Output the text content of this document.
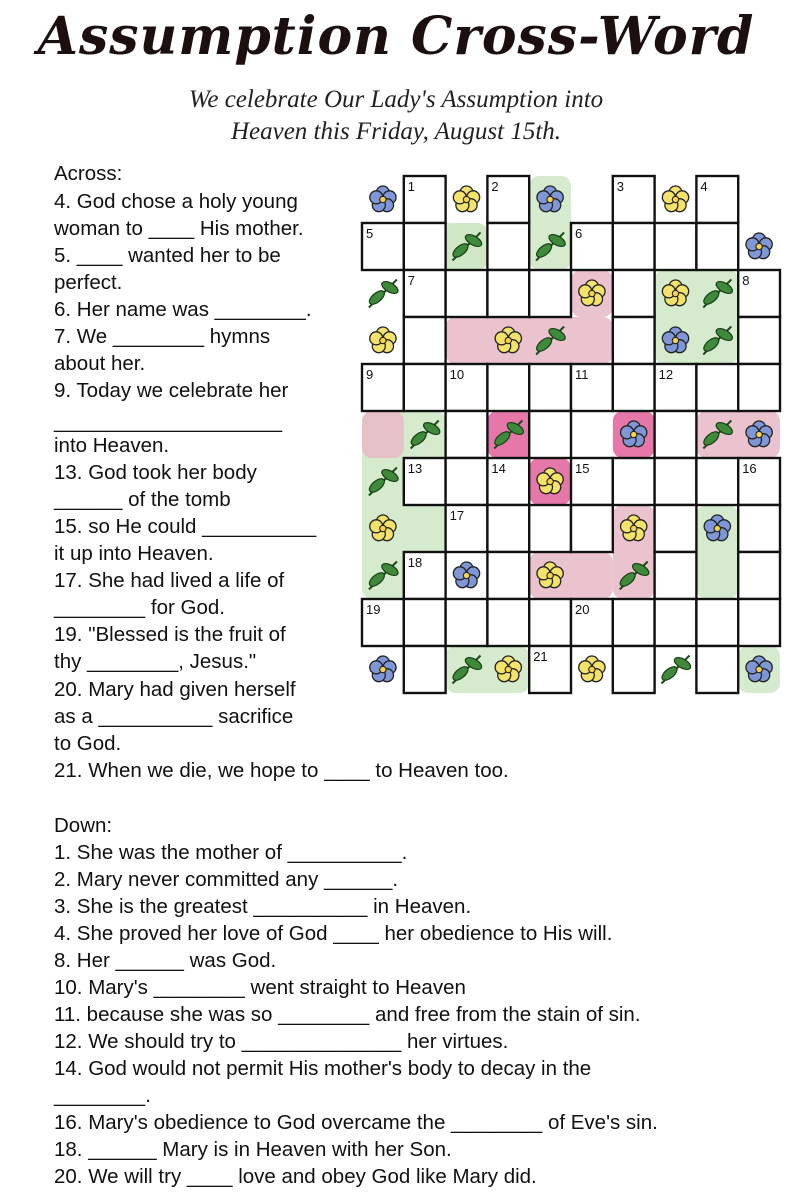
Assumption Cross-Word
We celebrate Our Lady's Assumption into
Heaven this Friday, August 15th.
1	2	3	4
5	6
7	8
9	10	11	12
13	14	15	16
17
18
19	20
21
Across:
4. God chose a holy young
woman to ____ His mother.
5. ____ wanted her to be
perfect.
6. Her name was ________.
7. We ________ hymns
about her.
9. Today we celebrate her
____________________
into Heaven.
13. God took her body
______ of the tomb
15. so He could __________
it up into Heaven.
17. She had lived a life of
________ for God.
19. "Blessed is the fruit of
thy ________, Jesus."
20. Mary had given herself
as a __________ sacrifice
to God.
21. When we die, we hope to ____ to Heaven too.
Down:
1. She was the mother of __________.
2. Mary never committed any ______.
3. She is the greatest __________ in Heaven.
4. She proved her love of God ____ her obedience to His will.
8. Her ______ was God.
10. Mary's ________ went straight to Heaven
11. because she was so ________ and free from the stain of sin.
12. We should try to ______________ her virtues.
14. God would not permit His mother's body to decay in the
________.
16. Mary's obedience to God overcame the ________ of Eve's sin.
18. ______ Mary is in Heaven with her Son.
20. We will try ____ love and obey God like Mary did.
